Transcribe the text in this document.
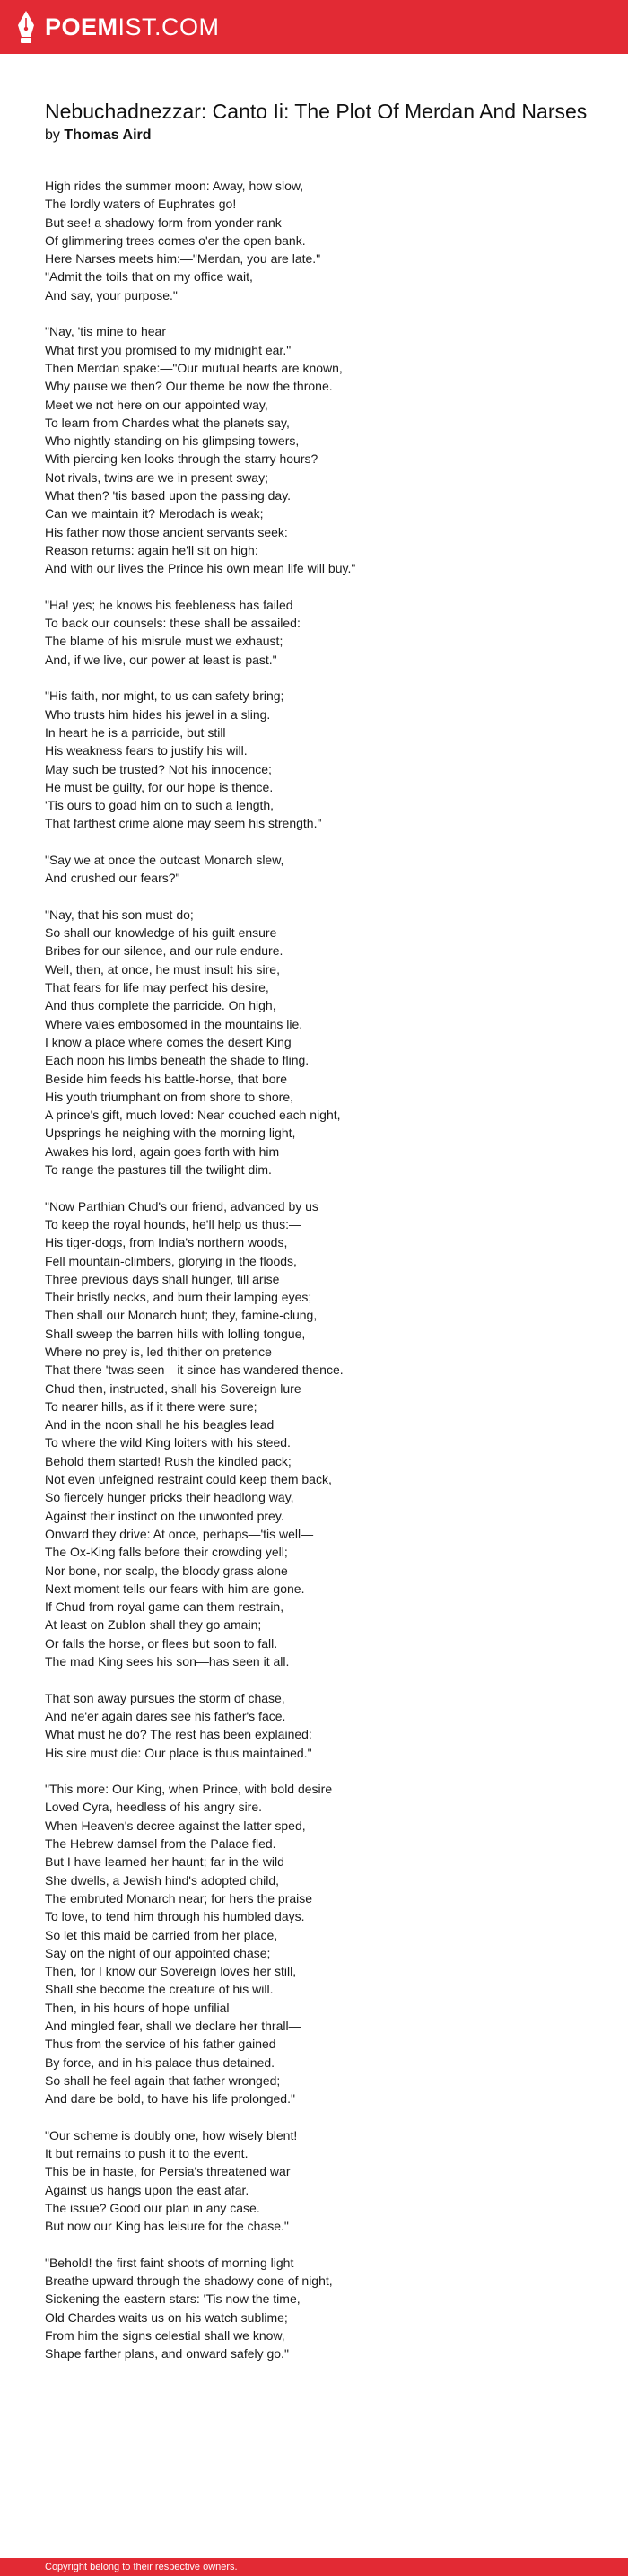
POEMIST.COM
Nebuchadnezzar: Canto Ii: The Plot Of Merdan And Narses
by Thomas Aird

High rides the summer moon: Away, how slow,
The lordly waters of Euphrates go!
But see! a shadowy form from yonder rank
Of glimmering trees comes o'er the open bank.
Here Narses meets him:—"Merdan, you are late."
"Admit the toils that on my office wait,
And say, your purpose."

"Nay, 'tis mine to hear
What first you promised to my midnight ear."
Then Merdan spake:—"Our mutual hearts are known,
Why pause we then? Our theme be now the throne.
Meet we not here on our appointed way,
To learn from Chardes what the planets say,
Who nightly standing on his glimpsing towers,
With piercing ken looks through the starry hours?
Not rivals, twins are we in present sway;
What then? 'tis based upon the passing day.
Can we maintain it? Merodach is weak;
His father now those ancient servants seek:
Reason returns: again he'll sit on high:
And with our lives the Prince his own mean life will buy."

"Ha! yes; he knows his feebleness has failed
To back our counsels: these shall be assailed:
The blame of his misrule must we exhaust;
And, if we live, our power at least is past."

"His faith, nor might, to us can safety bring;
Who trusts him hides his jewel in a sling.
In heart he is a parricide, but still
His weakness fears to justify his will.
May such be trusted? Not his innocence;
He must be guilty, for our hope is thence.
'Tis ours to goad him on to such a length,
That farthest crime alone may seem his strength."

"Say we at once the outcast Monarch slew,
And crushed our fears?"

"Nay, that his son must do;
So shall our knowledge of his guilt ensure
Bribes for our silence, and our rule endure.
Well, then, at once, he must insult his sire,
That fears for life may perfect his desire,
And thus complete the parricide. On high,
Where vales embosomed in the mountains lie,
I know a place where comes the desert King
Each noon his limbs beneath the shade to fling.
Beside him feeds his battle-horse, that bore
His youth triumphant on from shore to shore,
A prince's gift, much loved: Near couched each night,
Upsprings he neighing with the morning light,
Awakes his lord, again goes forth with him
To range the pastures till the twilight dim.

"Now Parthian Chud's our friend, advanced by us
To keep the royal hounds, he'll help us thus:—
His tiger-dogs, from India's northern woods,
Fell mountain-climbers, glorying in the floods,
Three previous days shall hunger, till arise
Their bristly necks, and burn their lamping eyes;
Then shall our Monarch hunt; they, famine-clung,
Shall sweep the barren hills with lolling tongue,
Where no prey is, led thither on pretence
That there 'twas seen—it since has wandered thence.
Chud then, instructed, shall his Sovereign lure
To nearer hills, as if it there were sure;
And in the noon shall he his beagles lead
To where the wild King loiters with his steed.
Behold them started! Rush the kindled pack;
Not even unfeigned restraint could keep them back,
So fiercely hunger pricks their headlong way,
Against their instinct on the unwonted prey.
Onward they drive: At once, perhaps—'tis well—
The Ox-King falls before their crowding yell;
Nor bone, nor scalp, the bloody grass alone
Next moment tells our fears with him are gone.
If Chud from royal game can them restrain,
At least on Zublon shall they go amain;
Or falls the horse, or flees but soon to fall.
The mad King sees his son—has seen it all.

That son away pursues the storm of chase,
And ne'er again dares see his father's face.
What must he do? The rest has been explained:
His sire must die: Our place is thus maintained."

"This more: Our King, when Prince, with bold desire
Loved Cyra, heedless of his angry sire.
When Heaven's decree against the latter sped,
The Hebrew damsel from the Palace fled.
But I have learned her haunt; far in the wild
She dwells, a Jewish hind's adopted child,
The embruted Monarch near; for hers the praise
To love, to tend him through his humbled days.
So let this maid be carried from her place,
Say on the night of our appointed chase;
Then, for I know our Sovereign loves her still,
Shall she become the creature of his will.
Then, in his hours of hope unfilial
And mingled fear, shall we declare her thrall—
Thus from the service of his father gained
By force, and in his palace thus detained.
So shall he feel again that father wronged;
And dare be bold, to have his life prolonged."

"Our scheme is doubly one, how wisely blent!
It but remains to push it to the event.
This be in haste, for Persia's threatened war
Against us hangs upon the east afar.
The issue? Good our plan in any case.
But now our King has leisure for the chase."

"Behold! the first faint shoots of morning light
Breathe upward through the shadowy cone of night,
Sickening the eastern stars: 'Tis now the time,
Old Chardes waits us on his watch sublime;
From him the signs celestial shall we know,
Shape farther plans, and onward safely go."

Copyright belong to their respective owners.
